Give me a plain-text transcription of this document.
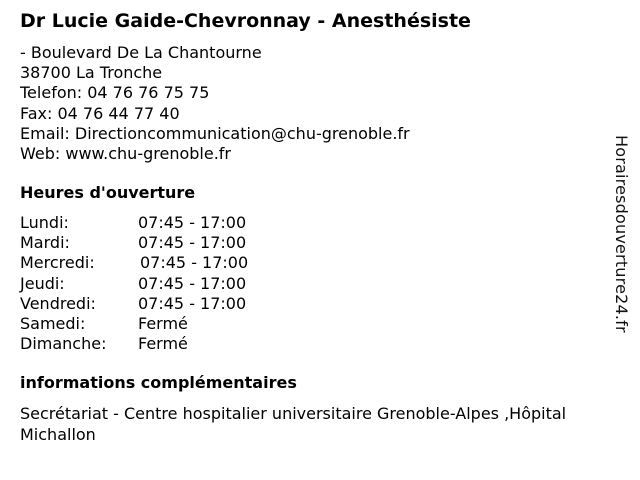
Dr Lucie Gaide-Chevronnay - Anesthésiste
- Boulevard De La Chantourne
38700 La Tronche
Telefon: 04 76 76 75 75
Fax: 04 76 44 77 40
Email: Directioncommunication@chu-grenoble.fr
Web: www.chu-grenoble.fr
Heures d'ouverture
Lundi:	07:45 - 17:00
Mardi:	07:45 - 17:00
Mercredi:	07:45 - 17:00
Jeudi:	07:45 - 17:00
Vendredi:	07:45 - 17:00
Samedi:	Fermé
Dimanche: Fermé
informations complémentaires
Secrétariat - Centre hospitalier universitaire Grenoble-Alpes ,Hôpital Michallon
Horairesdouverture24.fr
